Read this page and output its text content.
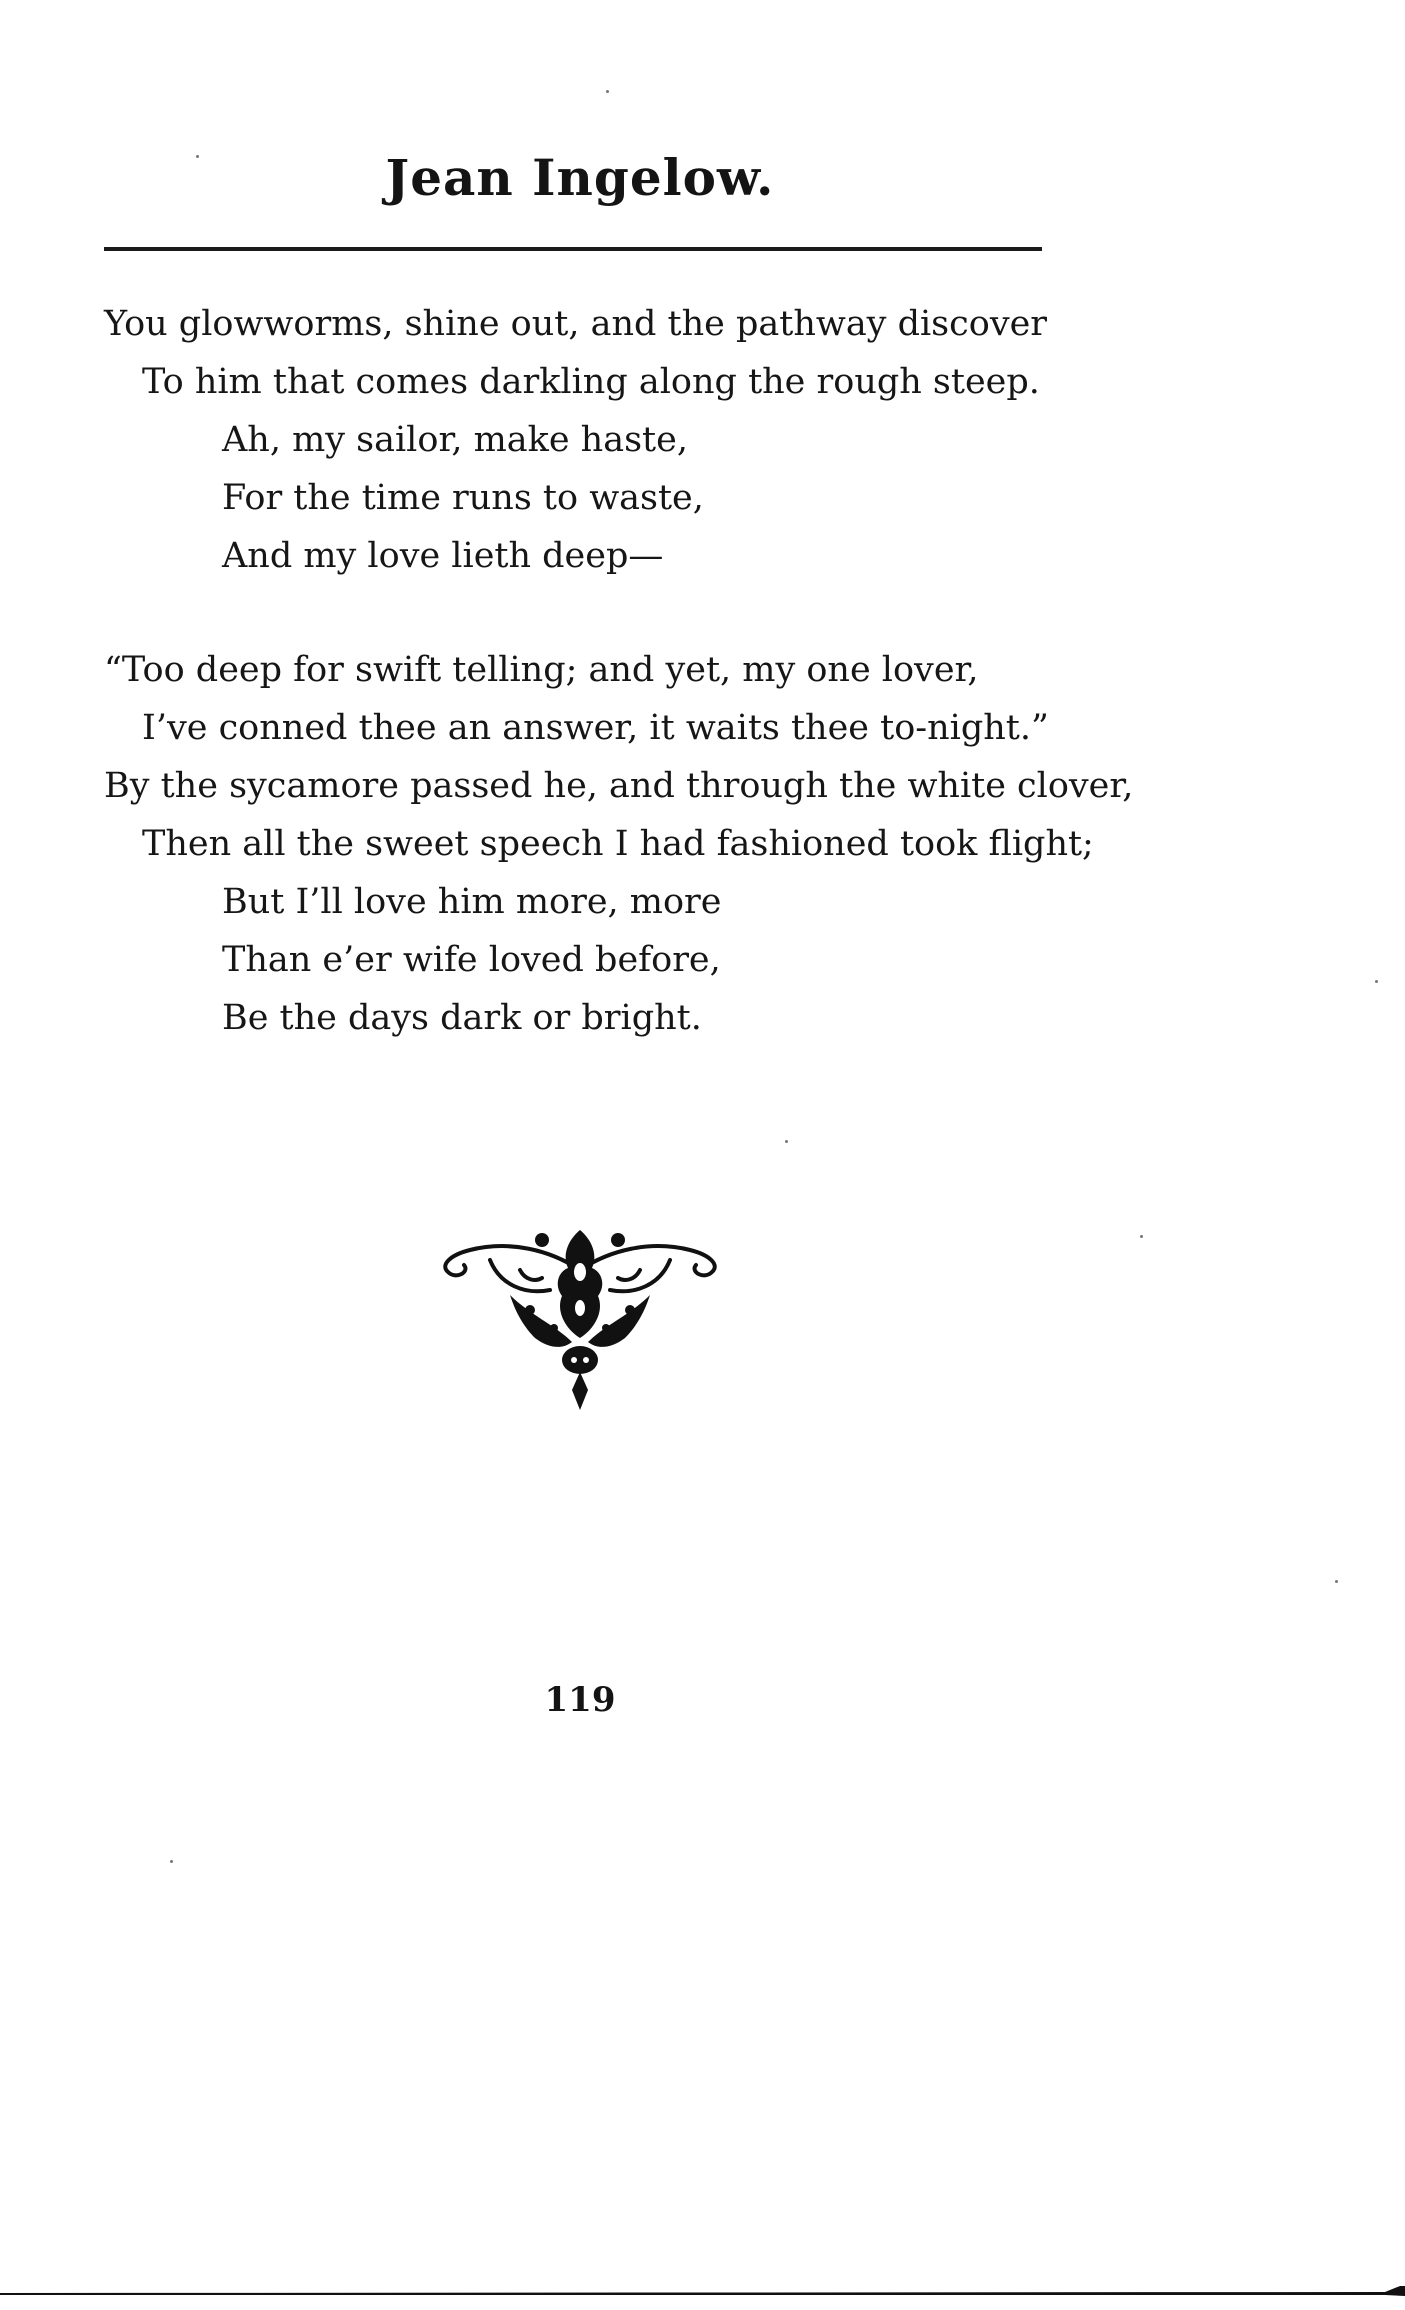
Jean Ingelow.
You glowworms, shine out, and the pathway discover
To him that comes darkling along the rough steep.
Ah, my sailor, make haste,
For the time runs to waste,
And my love lieth deep—
“Too deep for swift telling; and yet, my one lover,
I’ve conned thee an answer, it waits thee to-night.”
By the sycamore passed he, and through the white clover,
Then all the sweet speech I had fashioned took flight;
But I’ll love him more, more
Than e’er wife loved before,
Be the days dark or bright.
119
